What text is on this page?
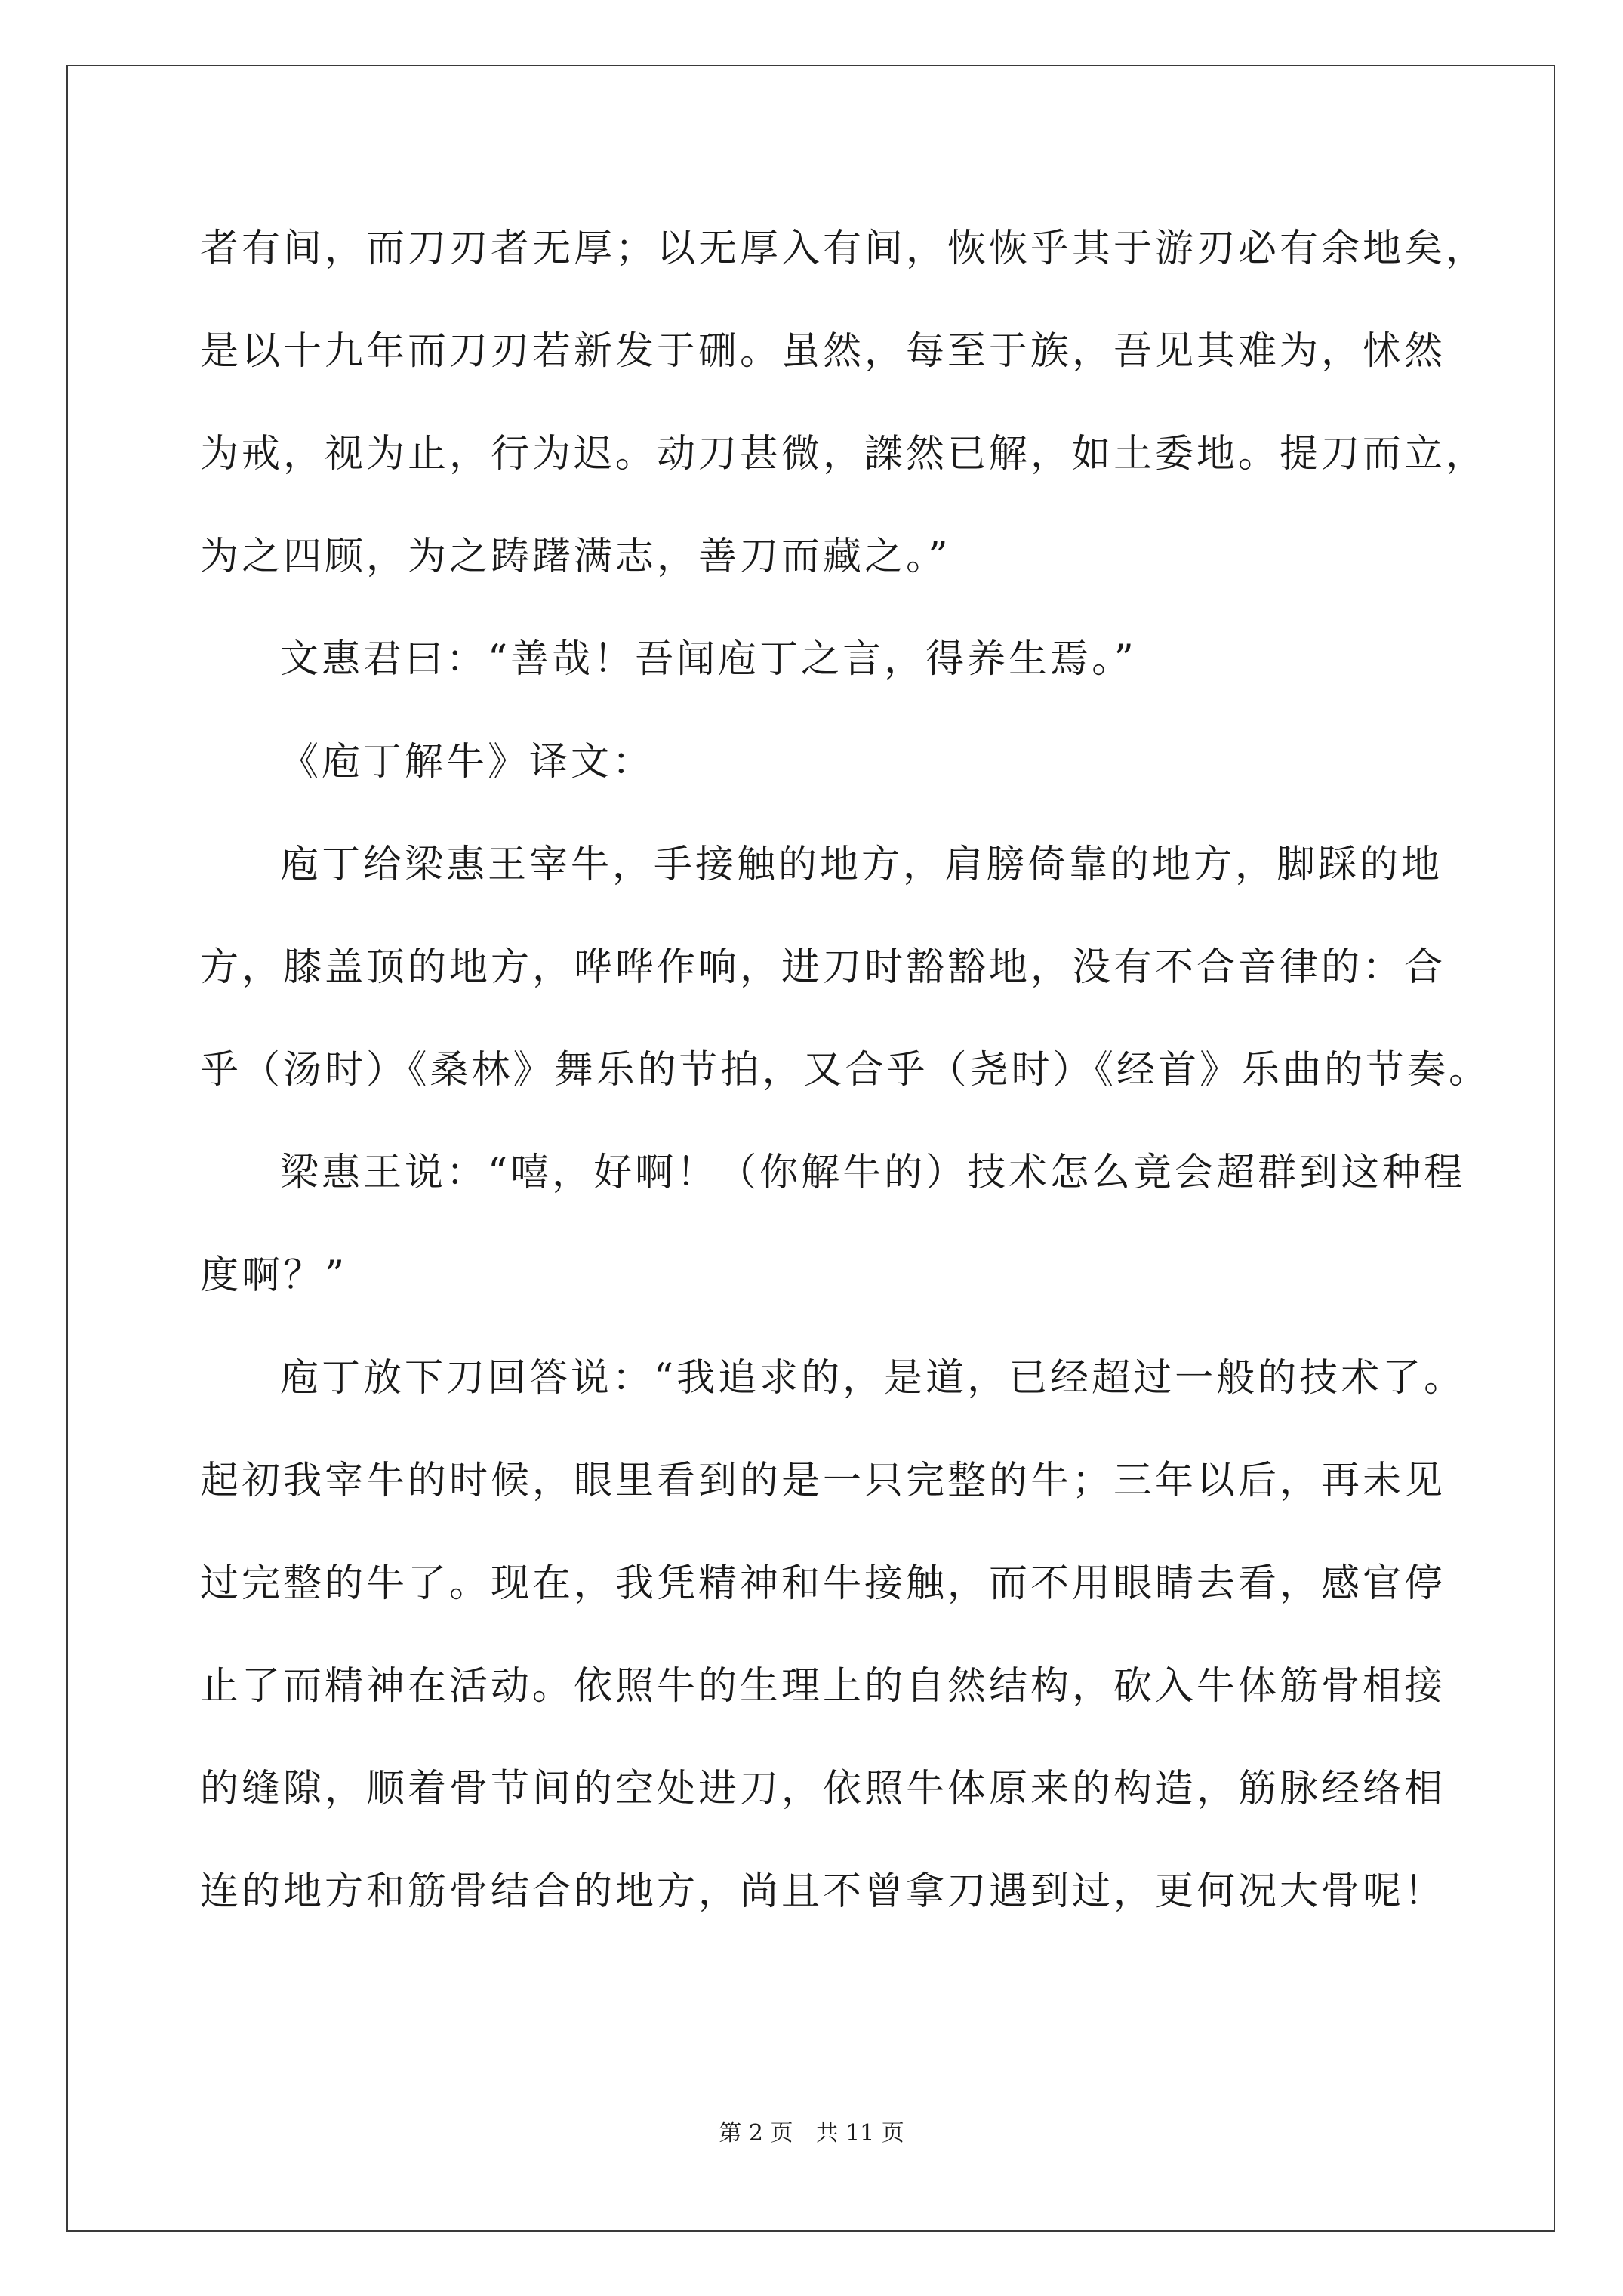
者有间，而刀刃者无厚；以无厚入有间，恢恢乎其于游刃必有余地矣，
是以十九年而刀刃若新发于硎。虽然，每至于族，吾见其难为，怵然
为戒，视为止，行为迟。动刀甚微，謋然已解，如土委地。提刀而立，
为之四顾，为之踌躇满志，善刀而藏之。”
文惠君曰：“善哉！吾闻庖丁之言，得养生焉。”
《庖丁解牛》译文：
庖丁给梁惠王宰牛，手接触的地方，肩膀倚靠的地方，脚踩的地
方，膝盖顶的地方，哗哗作响，进刀时豁豁地，没有不合音律的：合
乎（汤时）《桑林》舞乐的节拍，又合乎（尧时）《经首》乐曲的节奏。
梁惠王说：“嘻，好啊！（你解牛的）技术怎么竟会超群到这种程
度啊？”
庖丁放下刀回答说：“我追求的，是道，已经超过一般的技术了。
起初我宰牛的时候，眼里看到的是一只完整的牛；三年以后，再未见
过完整的牛了。现在，我凭精神和牛接触，而不用眼睛去看，感官停
止了而精神在活动。依照牛的生理上的自然结构，砍入牛体筋骨相接
的缝隙，顺着骨节间的空处进刀，依照牛体原来的构造，筋脉经络相
连的地方和筋骨结合的地方，尚且不曾拿刀遇到过，更何况大骨呢！
第 2 页　共 11 页
